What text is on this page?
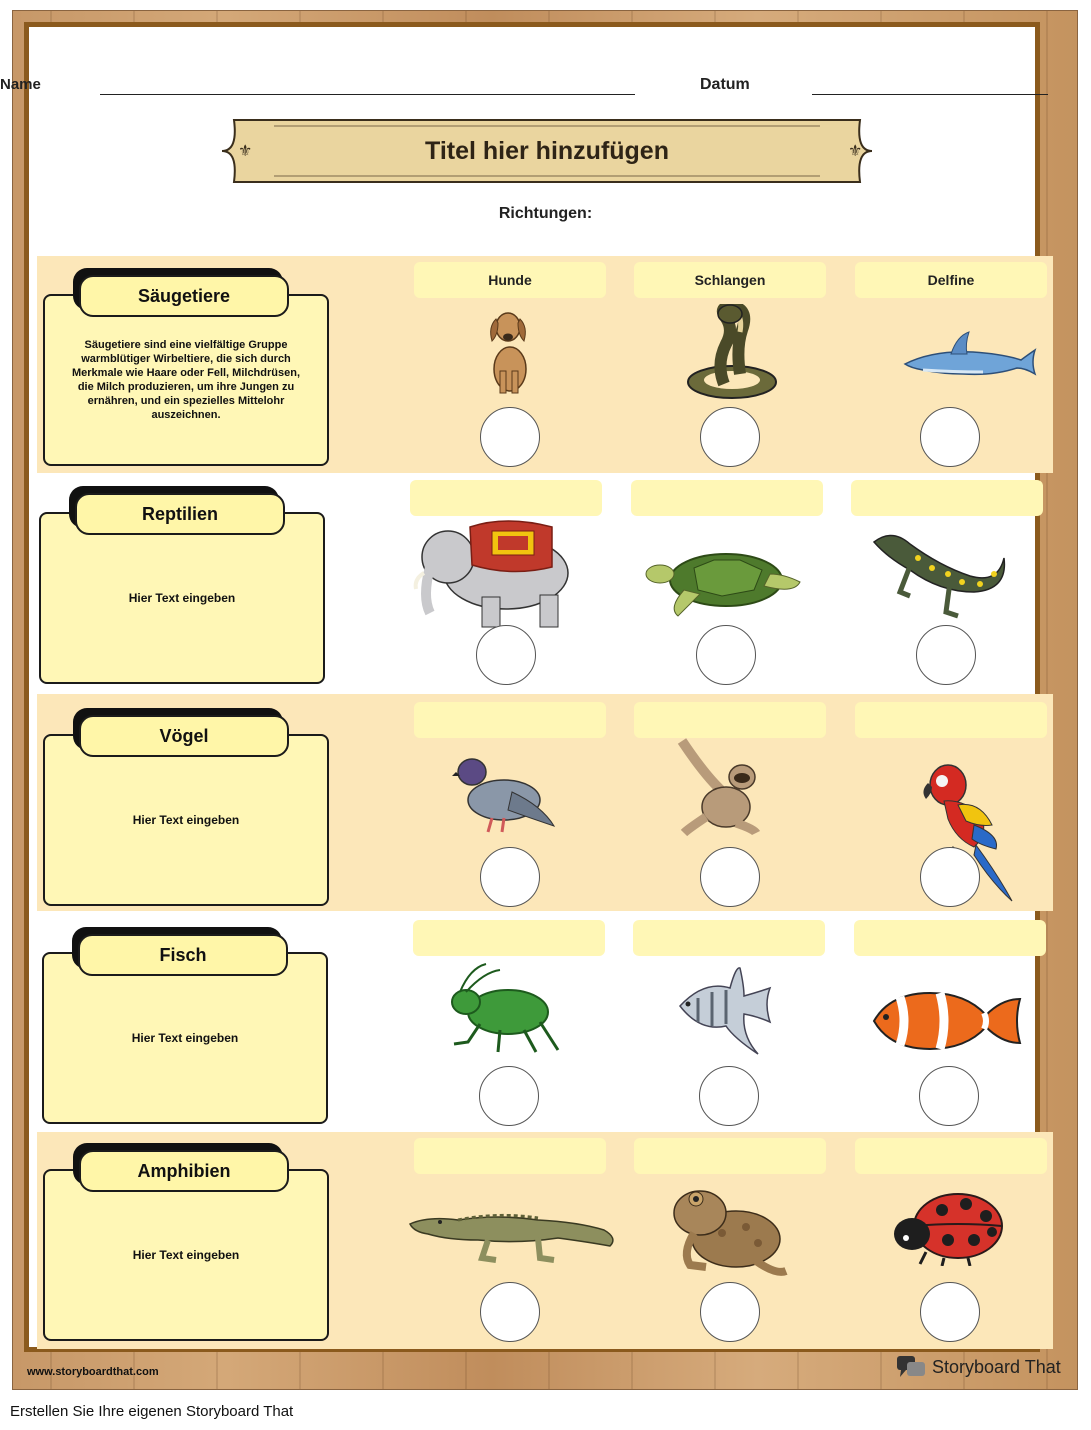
Name	Datum
⚜	⚜
Titel hier hinzufügen
Richtungen:
Säugetiere sind eine vielfältige Gruppe warmblütiger Wirbeltiere, die sich durch Merkmale wie Haare oder Fell, Milchdrüsen, die Milch produzieren, um ihre Jungen zu ernähren, und ein spezielles Mittelohr auszeichnen.
Säugetiere
Hunde	Schlangen	Delfine
Hier Text eingeben
Reptilien
Hier Text eingeben
Vögel
Hier Text eingeben
Fisch
Hier Text eingeben
Amphibien
www.storyboardthat.com	Storyboard That
Erstellen Sie Ihre eigenen Storyboard That
